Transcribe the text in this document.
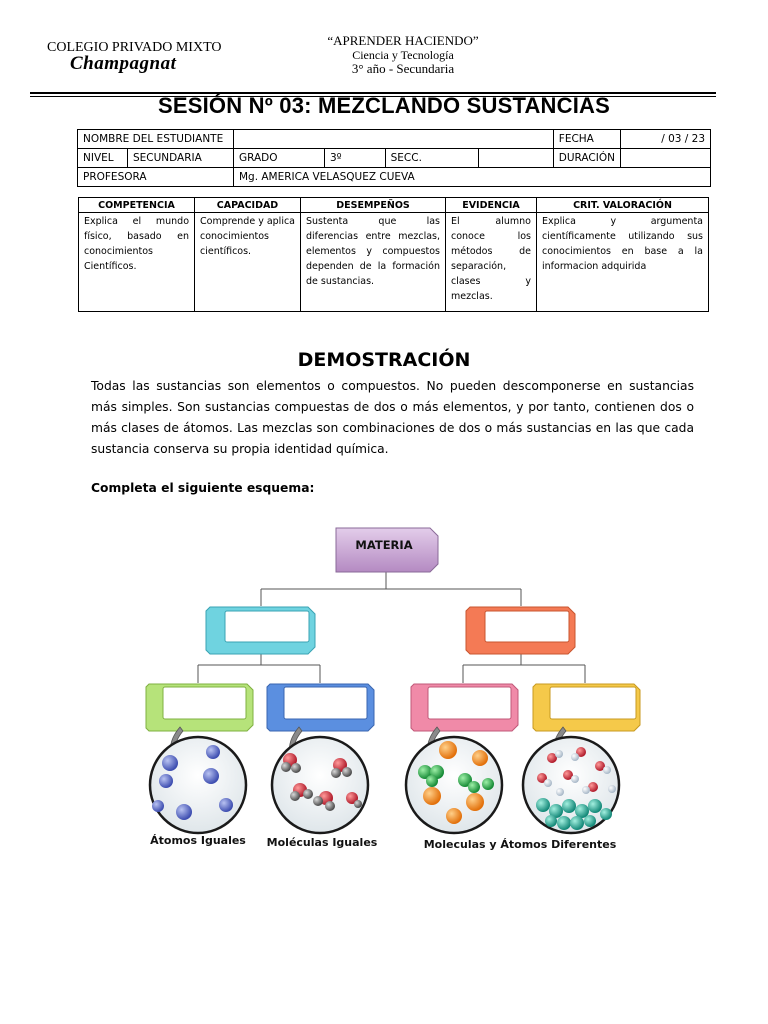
COLEGIO PRIVADO MIXTO
Champagnat
“APRENDER HACIENDO”
Ciencia y Tecnología
3° año - Secundaria
SESIÓN Nº 03: MEZCLANDO SUSTANCIAS
NOMBRE DEL ESTUDIANTE						FECHA	/ 03 / 23
NIVEL	SECUNDARIA	GRADO	3º	SECC.		DURACIÓN	
PROFESORA		Mg. AMERICA VELASQUEZ CUEVA					
COMPETENCIA	CAPACIDAD	DESEMPEÑOS	EVIDENCIA	CRIT. VALORACIÓN
Explica el mundo físico, basado en conocimientos Científicos.	Comprende y aplica conocimientos científicos.	Sustenta que las diferencias entre mezclas, elementos y compuestos dependen de la formación de sustancias.	El alumno conoce los métodos de separación, clases y mezclas.	Explica y argumenta científicamente utilizando sus conocimientos en base a la informacion adquirida
DEMOSTRACIÓN
Todas las sustancias son elementos o compuestos. No pueden descomponerse en sustancias más simples. Son sustancias compuestas de dos o más elementos, y por tanto, contienen dos o más clases de átomos. Las mezclas son combinaciones de dos o más sustancias en las que cada sustancia conserva su propia identidad química.
Completa el siguiente esquema:
MATERIA
Átomos Iguales Moléculas Iguales	Moleculas y Átomos Diferentes
